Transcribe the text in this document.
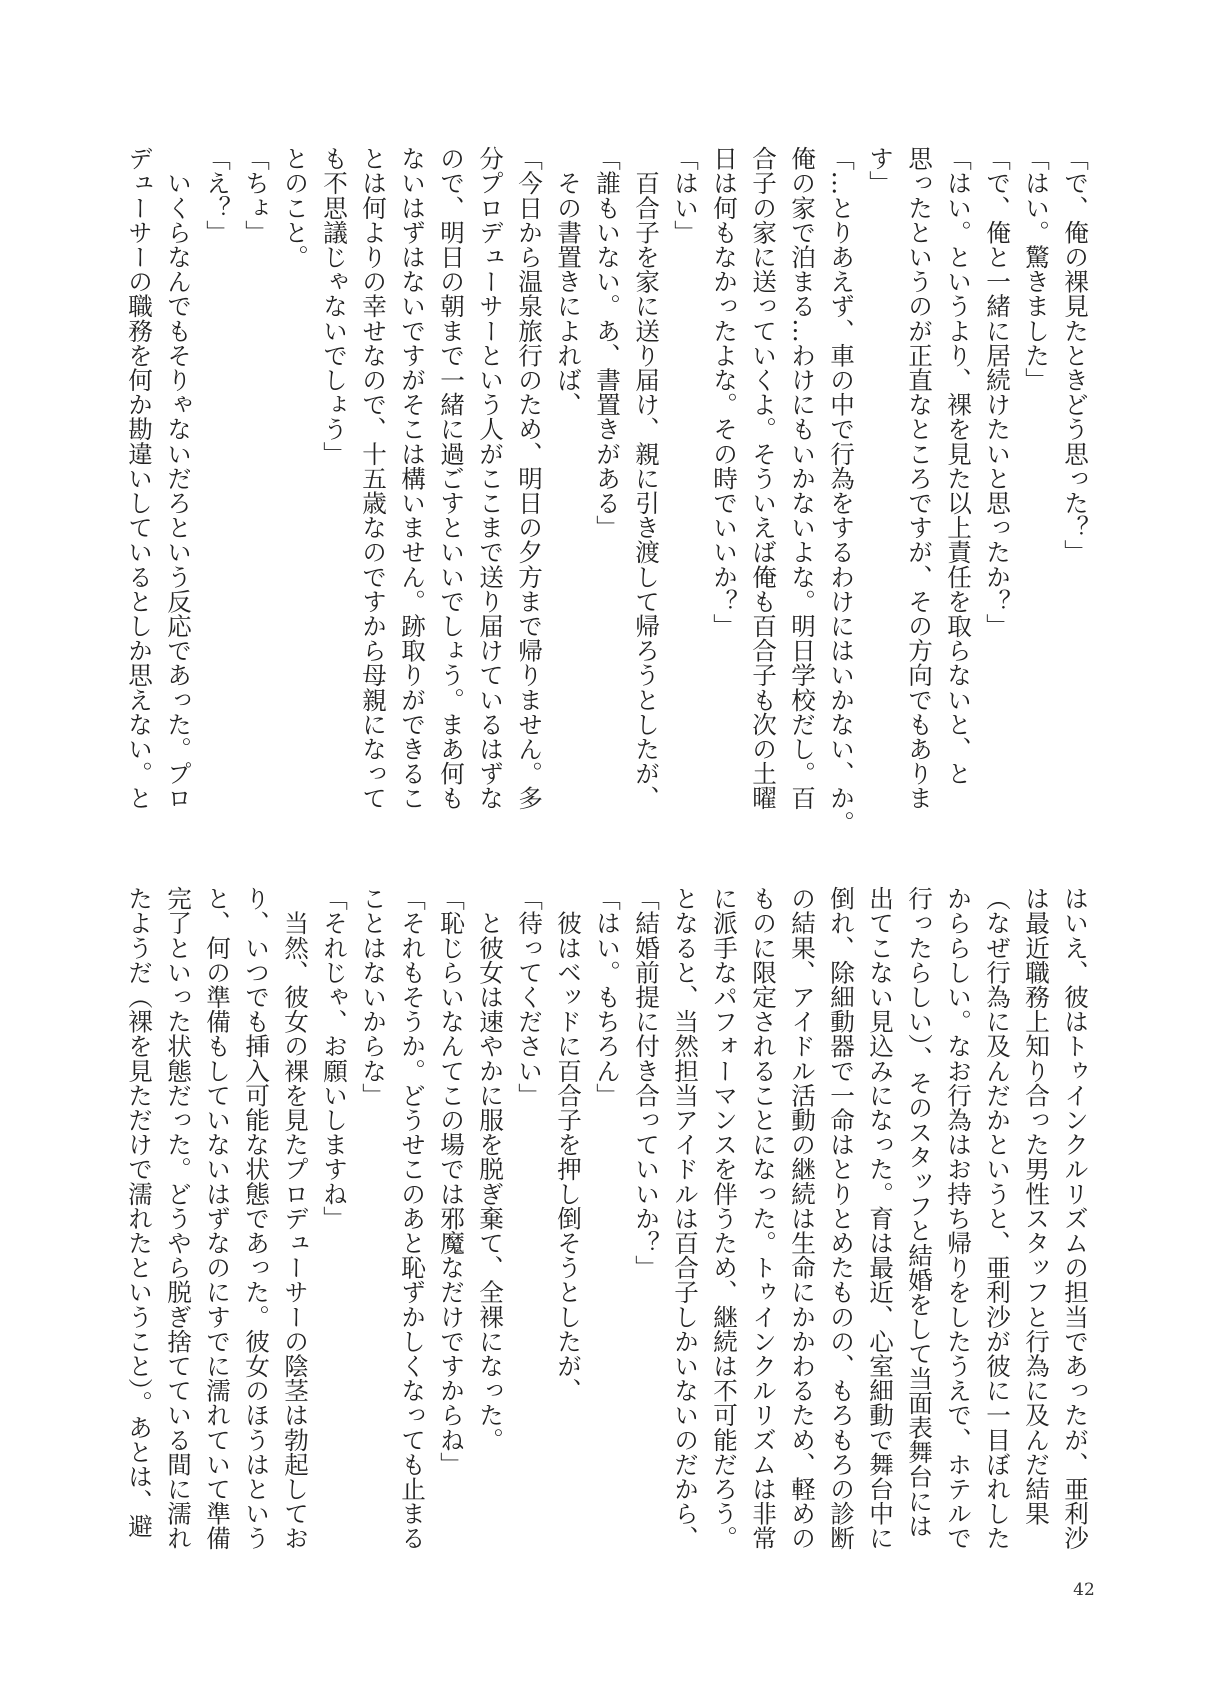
「で、俺の裸見たときどう思った？」
「はい。驚きました」
「で、俺と一緒に居続けたいと思ったか？」
「はい。というより、裸を見た以上責任を取らないと、と
思ったというのが正直なところですが、その方向でもありま
す」
「…とりあえず、車の中で行為をするわけにはいかない、か。
俺の家で泊まる…わけにもいかないよな。明日学校だし。百
合子の家に送っていくよ。そういえば俺も百合子も次の土曜
日は何もなかったよな。その時でいいか？」
「はい」
　百合子を家に送り届け、親に引き渡して帰ろうとしたが、
「誰もいない。あ、書置きがある」
　その書置きによれば、
「今日から温泉旅行のため、明日の夕方まで帰りません。多
分プロデューサーという人がここまで送り届けているはずな
ので、明日の朝まで一緒に過ごすといいでしょう。まあ何も
ないはずはないですがそこは構いません。跡取りができるこ
とは何よりの幸せなので、十五歳なのですから母親になって
も不思議じゃないでしょう」
とのこと。
「ちょ」
「え？」
　いくらなんでもそりゃないだろという反応であった。プロ
デューサーの職務を何か勘違いしているとしか思えない。と
はいえ、彼はトゥインクルリズムの担当であったが、亜利沙
は最近職務上知り合った男性スタッフと行為に及んだ結果
（なぜ行為に及んだかというと、亜利沙が彼に一目ぼれした
かららしい。なお行為はお持ち帰りをしたうえで、ホテルで
行ったらしい）、そのスタッフと結婚をして当面表舞台には
出てこない見込みになった。育は最近、心室細動で舞台中に
倒れ、除細動器で一命はとりとめたものの、もろもろの診断
の結果、アイドル活動の継続は生命にかかわるため、軽めの
ものに限定されることになった。トゥインクルリズムは非常
に派手なパフォーマンスを伴うため、継続は不可能だろう。
となると、当然担当アイドルは百合子しかいないのだから、
「結婚前提に付き合っていいか？」
「はい。もちろん」
　彼はベッドに百合子を押し倒そうとしたが、
「待ってください」
　と彼女は速やかに服を脱ぎ棄て、全裸になった。
「恥じらいなんてこの場では邪魔なだけですからね」
「それもそうか。どうせこのあと恥ずかしくなっても止まる
ことはないからな」
「それじゃ、お願いしますね」
　当然、彼女の裸を見たプロデューサーの陰茎は勃起してお
り、いつでも挿入可能な状態であった。彼女のほうはという
と、何の準備もしていないはずなのにすでに濡れていて準備
完了といった状態だった。どうやら脱ぎ捨てている間に濡れ
たようだ（裸を見ただけで濡れたということ）。あとは、避
42
